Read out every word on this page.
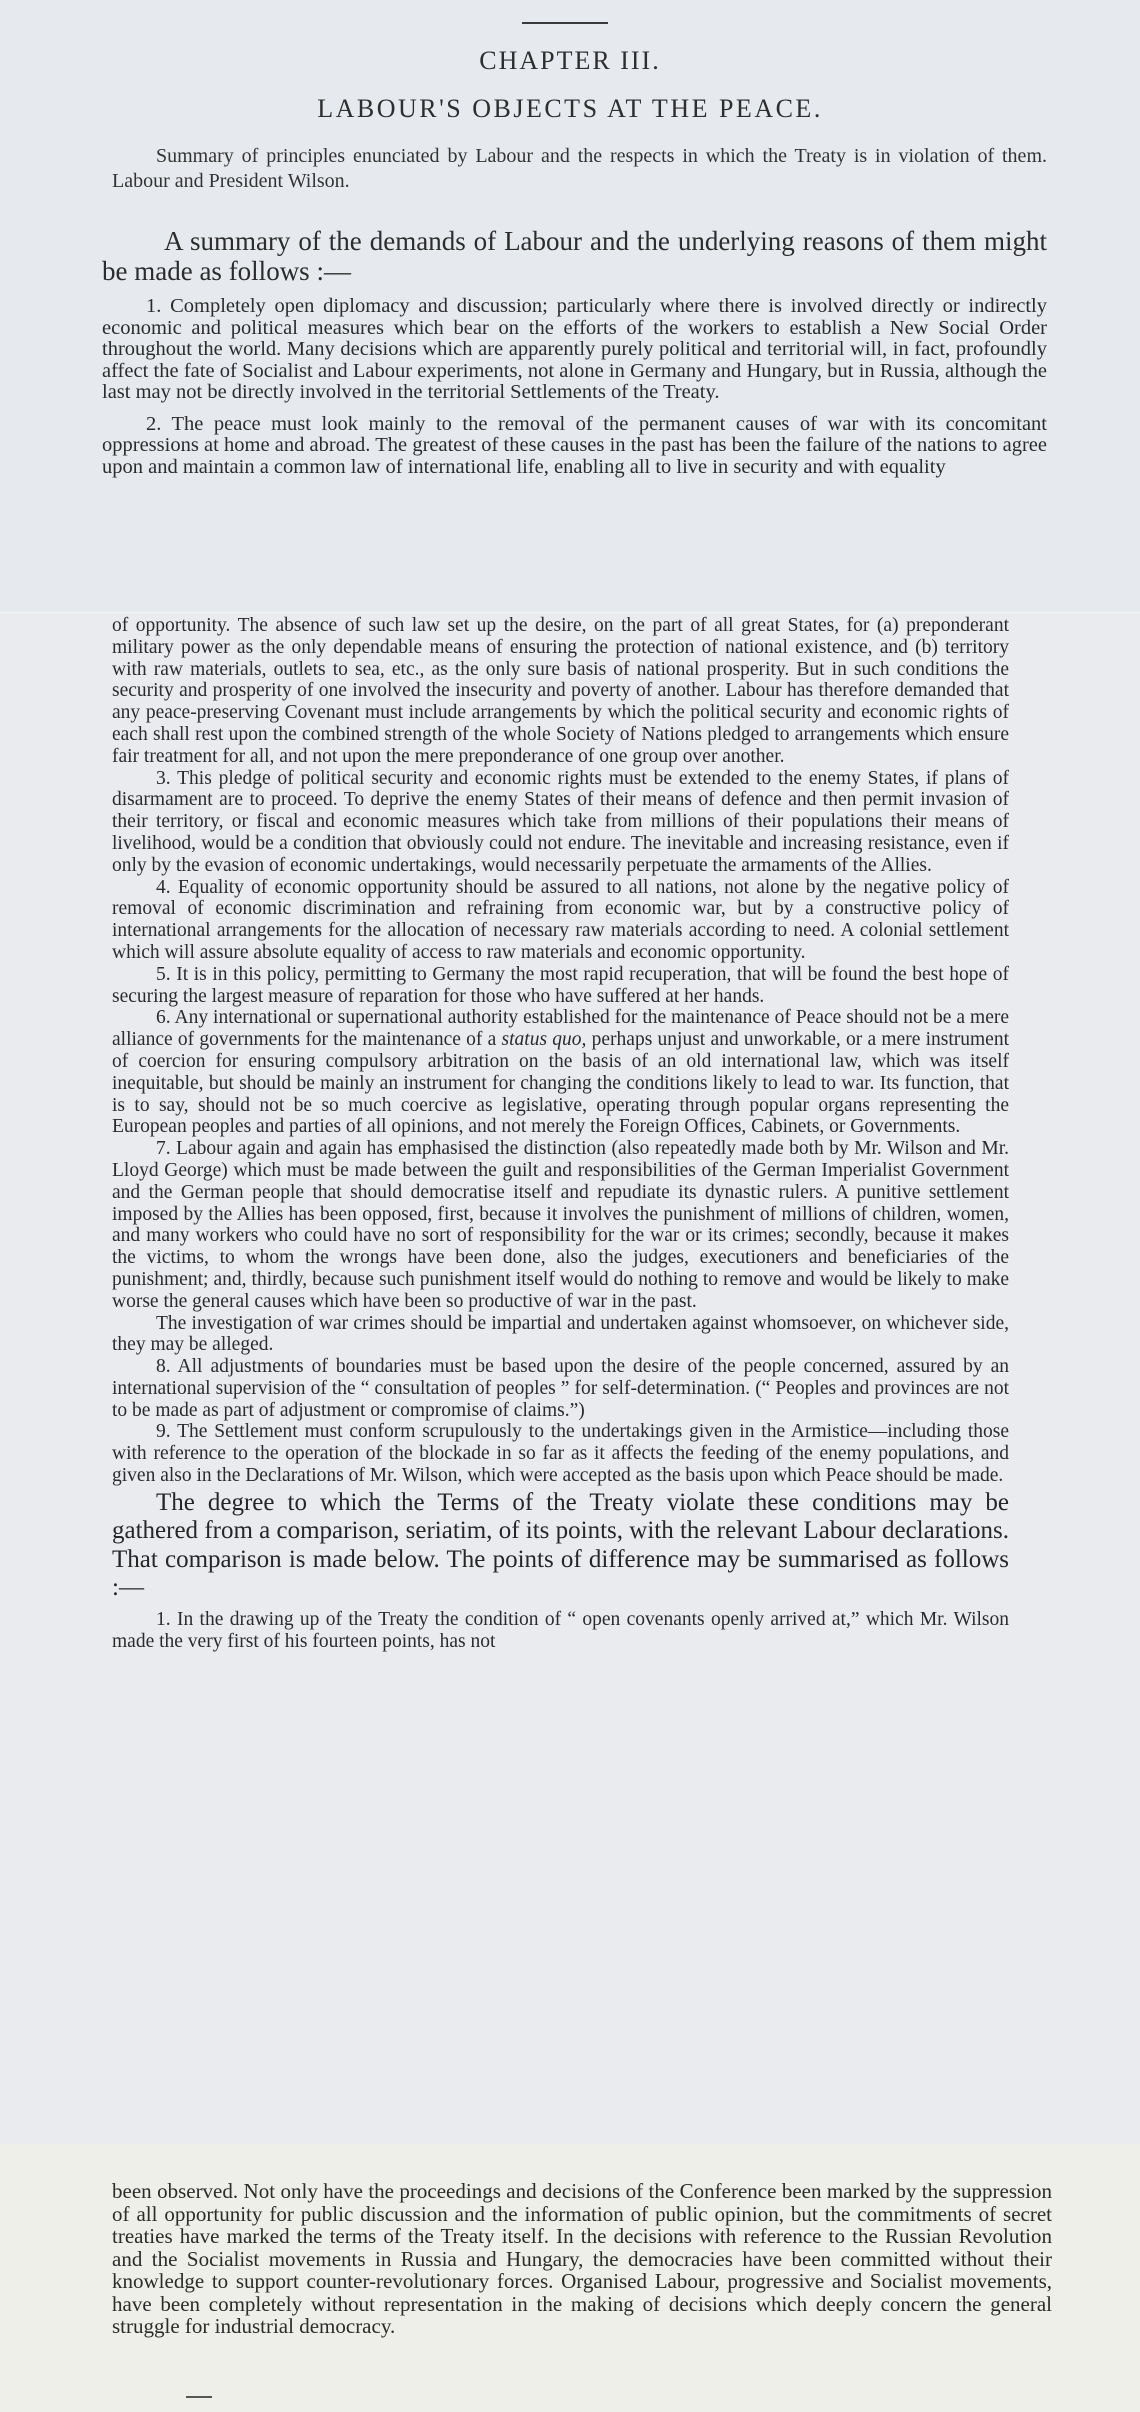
CHAPTER III.
LABOUR'S OBJECTS AT THE PEACE.
Summary of principles enunciated by Labour and the respects in which the Treaty is in violation of them. Labour and President Wilson.
A summary of the demands of Labour and the underlying reasons of them might be made as follows :—

1. Completely open diplomacy and discussion; particularly where there is involved directly or indirectly economic and political measures which bear on the efforts of the workers to establish a New Social Order throughout the world. Many decisions which are apparently purely political and territorial will, in fact, profoundly affect the fate of Socialist and Labour experiments, not alone in Germany and Hungary, but in Russia, although the last may not be directly involved in the territorial Settlements of the Treaty.

2. The peace must look mainly to the removal of the permanent causes of war with its concomitant oppressions at home and abroad. The greatest of these causes in the past has been the failure of the nations to agree upon and maintain a common law of international life, enabling all to live in security and with equality

of opportunity. The absence of such law set up the desire, on the part of all great States, for (a) preponderant military power as the only dependable means of ensuring the protection of national existence, and (b) territory with raw materials, outlets to sea, etc., as the only sure basis of national prosperity. But in such conditions the security and prosperity of one involved the insecurity and poverty of another. Labour has therefore demanded that any peace-preserving Covenant must include arrangements by which the political security and economic rights of each shall rest upon the combined strength of the whole Society of Nations pledged to arrangements which ensure fair treatment for all, and not upon the mere preponderance of one group over another.

3. This pledge of political security and economic rights must be extended to the enemy States, if plans of disarmament are to proceed. To deprive the enemy States of their means of defence and then permit invasion of their territory, or fiscal and economic measures which take from millions of their populations their means of livelihood, would be a condition that obviously could not endure. The inevitable and increasing resistance, even if only by the evasion of economic undertakings, would necessarily perpetuate the armaments of the Allies.

4. Equality of economic opportunity should be assured to all nations, not alone by the negative policy of removal of economic discrimination and refraining from economic war, but by a constructive policy of international arrangements for the allocation of necessary raw materials according to need. A colonial settlement which will assure absolute equality of access to raw materials and economic opportunity.

5. It is in this policy, permitting to Germany the most rapid recuperation, that will be found the best hope of securing the largest measure of reparation for those who have suffered at her hands.

6. Any international or supernational authority established for the maintenance of Peace should not be a mere alliance of governments for the maintenance of a status quo, perhaps unjust and unworkable, or a mere instrument of coercion for ensuring compulsory arbitration on the basis of an old international law, which was itself inequitable, but should be mainly an instrument for changing the conditions likely to lead to war. Its function, that is to say, should not be so much coercive as legislative, operating through popular organs representing the European peoples and parties of all opinions, and not merely the Foreign Offices, Cabinets, or Governments.

7. Labour again and again has emphasised the distinction (also repeatedly made both by Mr. Wilson and Mr. Lloyd George) which must be made between the guilt and responsibilities of the German Imperialist Government and the German people that should democratise itself and repudiate its dynastic rulers. A punitive settlement imposed by the Allies has been opposed, first, because it involves the punishment of millions of children, women, and many workers who could have no sort of responsibility for the war or its crimes; secondly, because it makes the victims, to whom the wrongs have been done, also the judges, executioners and beneficiaries of the punishment; and, thirdly, because such punishment itself would do nothing to remove and would be likely to make worse the general causes which have been so productive of war in the past.

The investigation of war crimes should be impartial and undertaken against whomsoever, on whichever side, they may be alleged.

8. All adjustments of boundaries must be based upon the desire of the people concerned, assured by an international supervision of the “ consultation of peoples ” for self-determination. (“ Peoples and provinces are not to be made as part of adjustment or compromise of claims.”)

9. The Settlement must conform scrupulously to the undertakings given in the Armistice—including those with reference to the operation of the blockade in so far as it affects the feeding of the enemy populations, and given also in the Declarations of Mr. Wilson, which were accepted as the basis upon which Peace should be made.

The degree to which the Terms of the Treaty violate these conditions may be gathered from a comparison, seriatim, of its points, with the relevant Labour declarations. That comparison is made below. The points of difference may be summarised as follows :—

1. In the drawing up of the Treaty the condition of “ open covenants openly arrived at,” which Mr. Wilson made the very first of his fourteen points, has not

been observed. Not only have the proceedings and decisions of the Conference been marked by the suppression of all opportunity for public discussion and the information of public opinion, but the commitments of secret treaties have marked the terms of the Treaty itself. In the decisions with reference to the Russian Revolution and the Socialist movements in Russia and Hungary, the democracies have been committed without their knowledge to support counter-revolutionary forces. Organised Labour, progressive and Socialist movements, have been completely without representation in the making of decisions which deeply concern the general struggle for industrial democracy.
